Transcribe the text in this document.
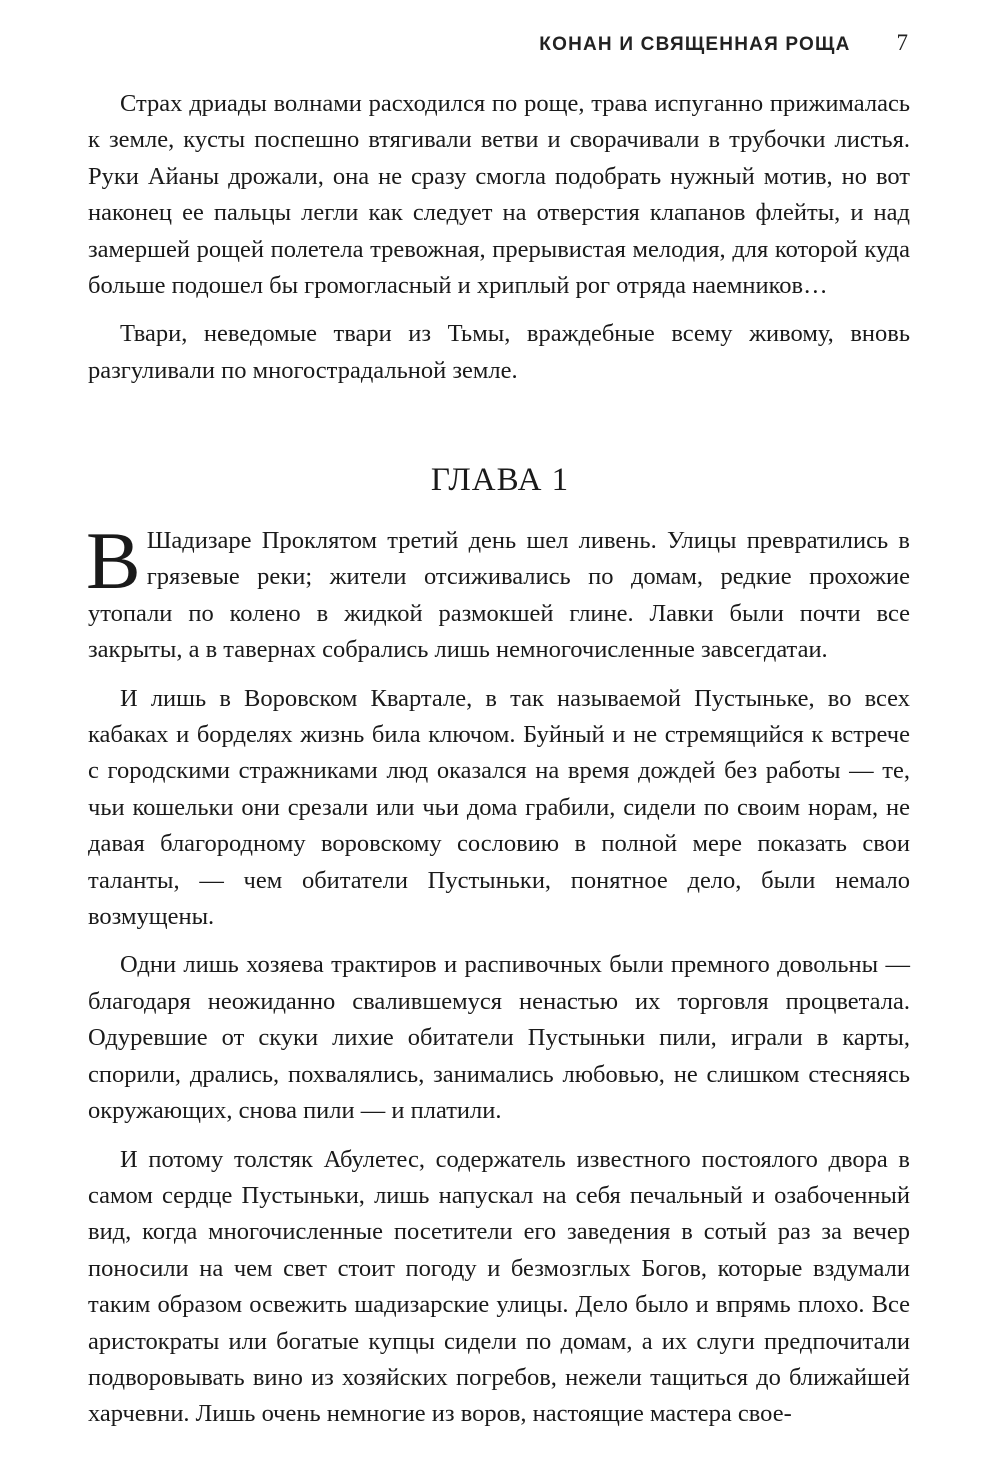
КОНАН И СВЯЩЕННАЯ РОЩА 7

Страх дриады волнами расходился по роще, трава испуганно прижималась к земле, кусты поспешно втягивали ветви и сворачивали в трубочки листья. Руки Айаны дрожали, она не сразу смогла подобрать нужный мотив, но вот наконец ее пальцы легли как следует на отверстия клапанов флейты, и над замершей рощей полетела тревожная, прерывистая мелодия, для которой куда больше подошел бы громогласный и хриплый рог отряда наемников…

Твари, неведомые твари из Тьмы, враждебные всему живому, вновь разгуливали по многострадальной земле.

ГЛАВА 1

В Шадизаре Проклятом третий день шел ливень. Улицы превратились в грязевые реки; жители отсиживались по домам, редкие прохожие утопали по колено в жидкой размокшей глине. Лавки были почти все закрыты, а в тавернах собрались лишь немногочисленные завсегдатаи.

И лишь в Воровском Квартале, в так называемой Пустыньке, во всех кабаках и борделях жизнь била ключом. Буйный и не стремящийся к встрече с городскими стражниками люд оказался на время дождей без работы — те, чьи кошельки они срезали или чьи дома грабили, сидели по своим норам, не давая благородному воровскому сословию в полной мере показать свои таланты, — чем обитатели Пустыньки, понятное дело, были немало возмущены.

Одни лишь хозяева трактиров и распивочных были премного довольны — благодаря неожиданно свалившемуся ненастью их торговля процветала. Одуревшие от скуки лихие обитатели Пустыньки пили, играли в карты, спорили, дрались, похвалялись, занимались любовью, не слишком стесняясь окружающих, снова пили — и платили.

И потому толстяк Абулетес, содержатель известного постоялого двора в самом сердце Пустыньки, лишь напускал на себя печальный и озабоченный вид, когда многочисленные посетители его заведения в сотый раз за вечер поносили на чем свет стоит погоду и безмозглых Богов, которые вздумали таким образом освежить шадизарские улицы. Дело было и впрямь плохо. Все аристократы или богатые купцы сидели по домам, а их слуги предпочитали подворовывать вино из хозяйских погребов, нежели тащиться до ближайшей харчевни. Лишь очень немногие из воров, настоящие мастера свое-
